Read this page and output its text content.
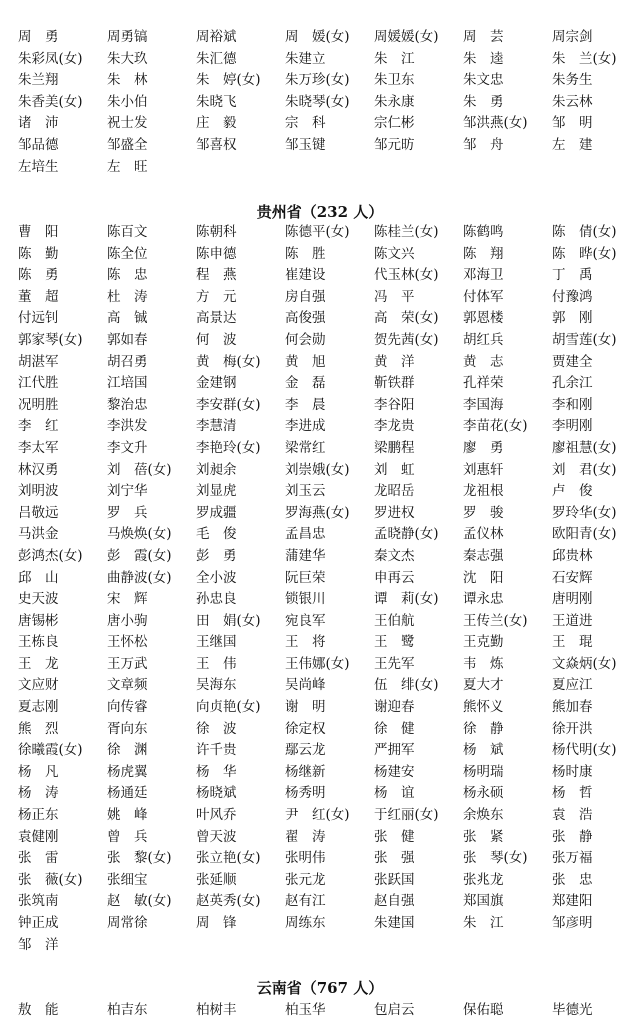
周　勇	周勇镐	周裕斌	周　媛(女)	周媛媛(女)	周　芸	周宗剑
朱彩凤(女)	朱大玖	朱汇德	朱建立	朱　江	朱　逵	朱　兰(女)
朱兰翔	朱　林	朱　婷(女)	朱万珍(女)	朱卫东	朱文忠	朱务生
朱香美(女)	朱小伯	朱晓飞	朱晓琴(女)	朱永康	朱　勇	朱云林
诸　沛	祝士发	庄　毅	宗　科	宗仁彬	邹洪燕(女)	邹　明
邹品德	邹盛全	邹喜权	邹玉键	邹元昉	邹　舟	左　建
左培生	左　旺
贵州省（232 人）
曹　阳	陈百文	陈朝科	陈德平(女)	陈桂兰(女)	陈鹤鸣	陈　倩(女)
陈　勤	陈全位	陈申德	陈　胜	陈文兴	陈　翔	陈　晔(女)
陈　勇	陈　忠	程　燕	崔建设	代玉林(女)	邓海卫	丁　禹
董　超	杜　涛	方　元	房自强	冯　平	付体军	付豫鸿
付远钊	高　铖	高景达	高俊强	高　荣(女)	郭恩楼	郭　刚
郭家琴(女)	郭如春	何　波	何会勋	贺先茜(女)	胡红兵	胡雪莲(女)
胡湛军	胡召勇	黄　梅(女)	黄　旭	黄　洋	黄　志	贾建全
江代胜	江培国	金建钢	金　磊	靳铁群	孔祥荣	孔余江
况明胜	黎治忠	李安群(女)	李　晨	李谷阳	李国海	李和刚
李　红	李洪发	李慧清	李进成	李龙贵	李苗花(女)	李明刚
李太军	李文升	李艳玲(女)	梁常红	梁鹏程	廖　勇	廖祖慧(女)
林汉勇	刘　蓓(女)	刘昶余	刘崇娥(女)	刘　虹	刘惠轩	刘　君(女)
刘明波	刘宁华	刘显虎	刘玉云	龙昭岳	龙祖根	卢　俊
吕敬远	罗　兵	罗成疆	罗海燕(女)	罗进权	罗　骏	罗玲华(女)
马洪金	马焕焕(女)	毛　俊	孟昌忠	孟晓静(女)	孟仪林	欧阳青(女)
彭鸿杰(女)	彭　霞(女)	彭　勇	蒲建华	秦文杰	秦志强	邱贵林
邱　山	曲静波(女)	全小波	阮巨荣	申再云	沈　阳	石安辉
史天波	宋　辉	孙忠良	锁银川	谭　莉(女)	谭永忠	唐明刚
唐锡彬	唐小驹	田　娟(女)	宛良军	王伯航	王传兰(女)	王道进
王栋良	王怀松	王继国	王　将	王　鹭	王克勤	王　琨
王　龙	王万武	王　伟	王伟娜(女)	王先军	韦　炼	文焱炳(女)
文应财	文章频	吴海东	吴尚峰	伍　绯(女)	夏大才	夏应江
夏志刚	向传睿	向贞艳(女)	谢　明	谢迎春	熊怀义	熊加春
熊　烈	胥向东	徐　波	徐定权	徐　健	徐　静	徐开洪
徐曦霞(女)	徐　渊	许千贵	鄢云龙	严拥军	杨　斌	杨代明(女)
杨　凡	杨虎翼	杨　华	杨继新	杨建安	杨明瑞	杨时康
杨　涛	杨通廷	杨晓斌	杨秀明	杨　谊	杨永硕	杨　哲
杨正东	姚　峰	叶风乔	尹　红(女)	于红丽(女)	余焕东	袁　浩
袁健刚	曾　兵	曾天波	翟　涛	张　健	张　紧	张　静
张　雷	张　黎(女)	张立艳(女)	张明伟	张　强	张　琴(女)	张万福
张　薇(女)	张细宝	张延顺	张元龙	张跃国	张兆龙	张　忠
张筑南	赵　敏(女)	赵英秀(女)	赵有江	赵自强	郑国旗	郑建阳
钟正成	周常徐	周　锋	周练东	朱建国	朱　江	邹彦明
邹　洋
云南省（767 人）
敖　能	柏吉东	柏树丰	柏玉华	包启云	保佑聪	毕德光
